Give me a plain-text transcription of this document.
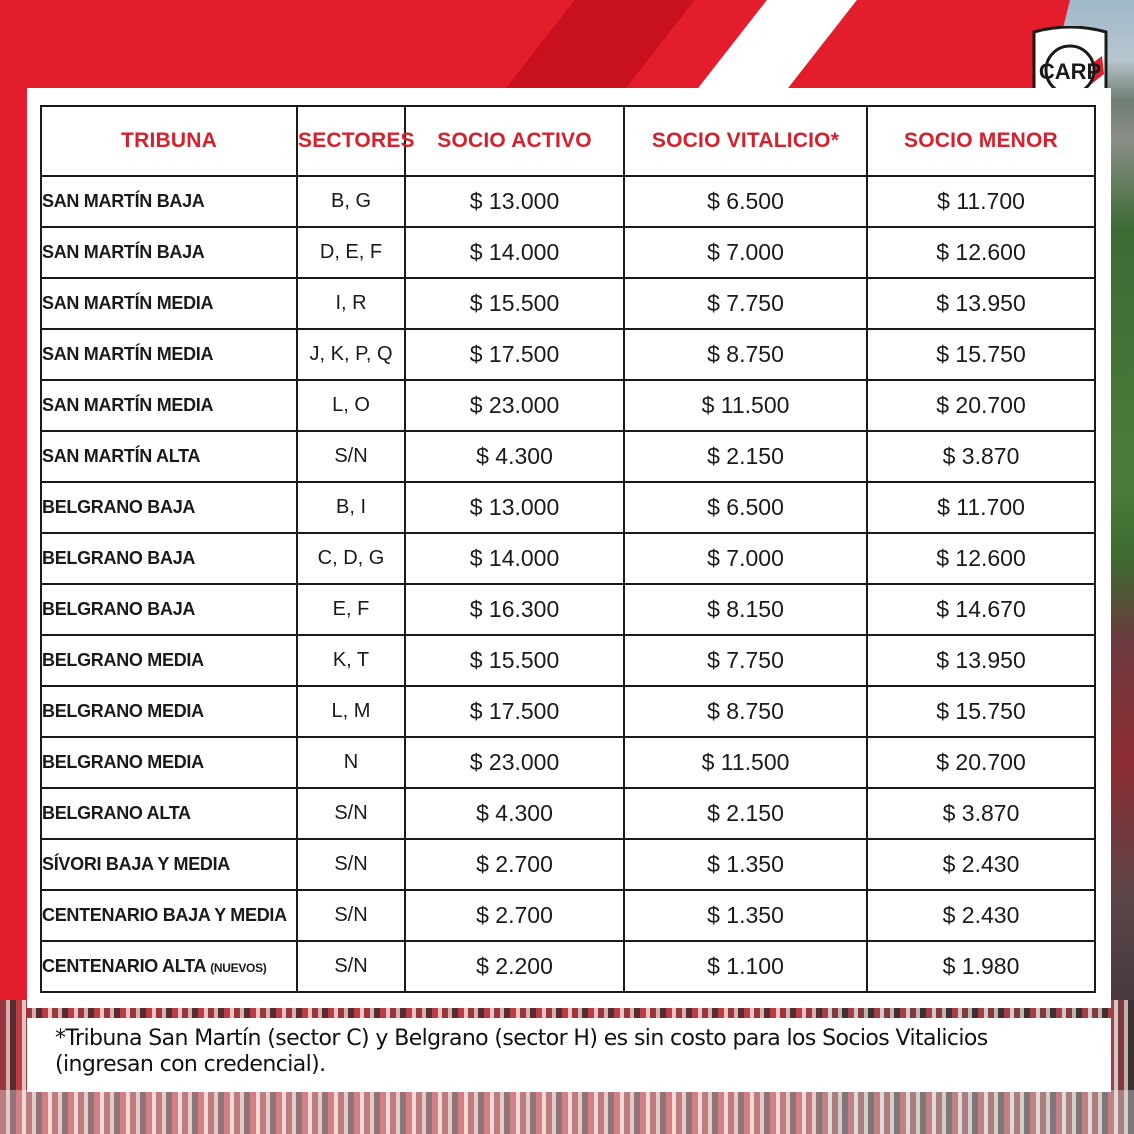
CARP
TRIBUNA	SECTORES	SOCIO ACTIVO	SOCIO VITALICIO*	SOCIO MENOR
SAN MARTÍN BAJA	B, G	$ 13.000	$ 6.500	$ 11.700
SAN MARTÍN BAJA	D, E, F	$ 14.000	$ 7.000	$ 12.600
SAN MARTÍN MEDIA	I, R	$ 15.500	$ 7.750	$ 13.950
SAN MARTÍN MEDIA	J, K, P, Q	$ 17.500	$ 8.750	$ 15.750
SAN MARTÍN MEDIA	L, O	$ 23.000	$ 11.500	$ 20.700
SAN MARTÍN ALTA	S/N	$ 4.300	$ 2.150	$ 3.870
BELGRANO BAJA	B, I	$ 13.000	$ 6.500	$ 11.700
BELGRANO BAJA	C, D, G	$ 14.000	$ 7.000	$ 12.600
BELGRANO BAJA	E, F	$ 16.300	$ 8.150	$ 14.670
BELGRANO MEDIA	K, T	$ 15.500	$ 7.750	$ 13.950
BELGRANO MEDIA	L, M	$ 17.500	$ 8.750	$ 15.750
BELGRANO MEDIA	N	$ 23.000	$ 11.500	$ 20.700
BELGRANO ALTA	S/N	$ 4.300	$ 2.150	$ 3.870
SÍVORI BAJA Y MEDIA	S/N	$ 2.700	$ 1.350	$ 2.430
CENTENARIO BAJA Y MEDIA	S/N	$ 2.700	$ 1.350	$ 2.430
CENTENARIO ALTA (NUEVOS)	S/N	$ 2.200	$ 1.100	$ 1.980
*Tribuna San Martín (sector C) y Belgrano (sector H) es sin costo para los Socios Vitalicios
(ingresan con credencial).
